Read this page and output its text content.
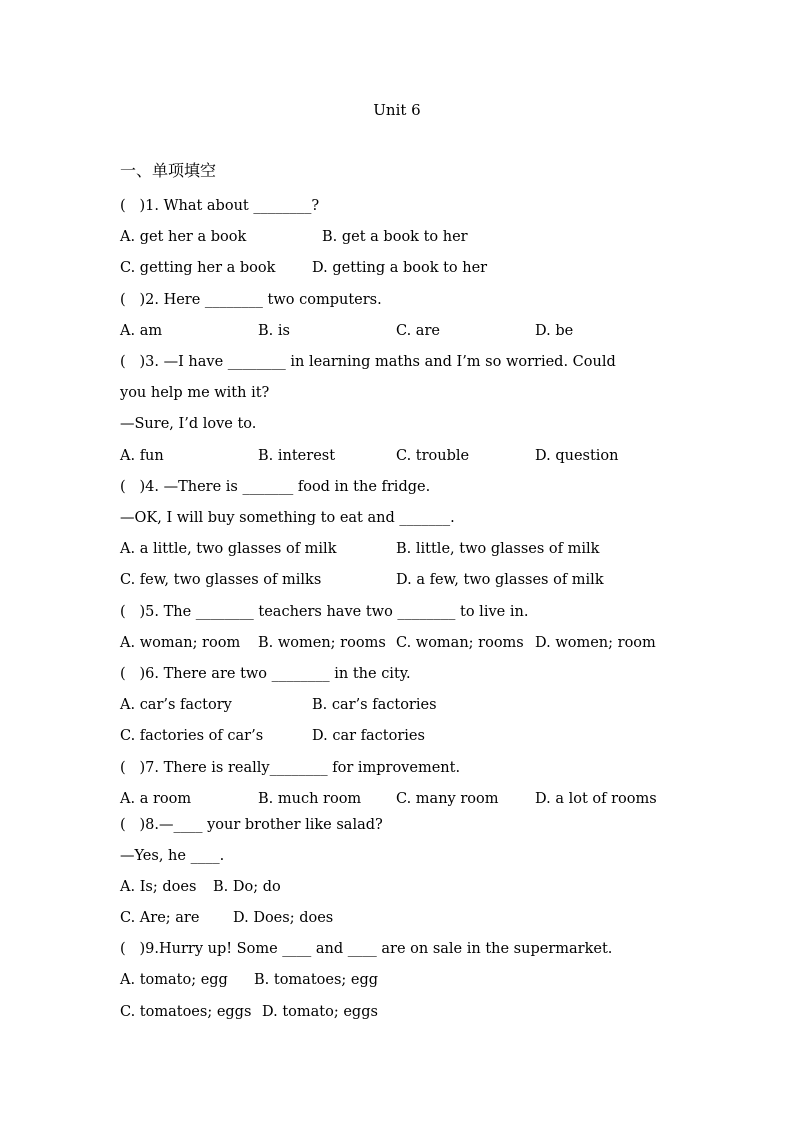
Unit 6
一、单项填空
(   )1. What about ________?
A. get her a book	B. get a book to her
C. getting her a book	D. getting a book to her
(   )2. Here ________ two computers.
A. am	B. is	C. are	D. be
(   )3. —I have ________ in learning maths and I’m so worried. Could
you help me with it?
—Sure, I’d love to.
A. fun	B. interest	C. trouble	D. question
(   )4. —There is _______ food in the fridge.
—OK, I will buy something to eat and _______.
A. a little, two glasses of milk	B. little, two glasses of milk
C. few, two glasses of milks	D. a few, two glasses of milk
(   )5. The ________ teachers have two ________ to live in.
A. woman; room B. women; rooms C. woman; rooms D. women; room
(   )6. There are two ________ in the city.
A. car’s factory	B. car’s factories
C. factories of car’s	D. car factories
(   )7. There is really________ for improvement.
A. a room	B. much room C. many room	D. a lot of rooms
(   )8.—____ your brother like salad?
—Yes, he ____.
A. Is; does B. Do; do
C. Are; are D. Does; does
(   )9.Hurry up! Some ____ and ____ are on sale in the supermarket.
A. tomato; egg B. tomatoes; egg
C. tomatoes; eggs D. tomato; eggs
